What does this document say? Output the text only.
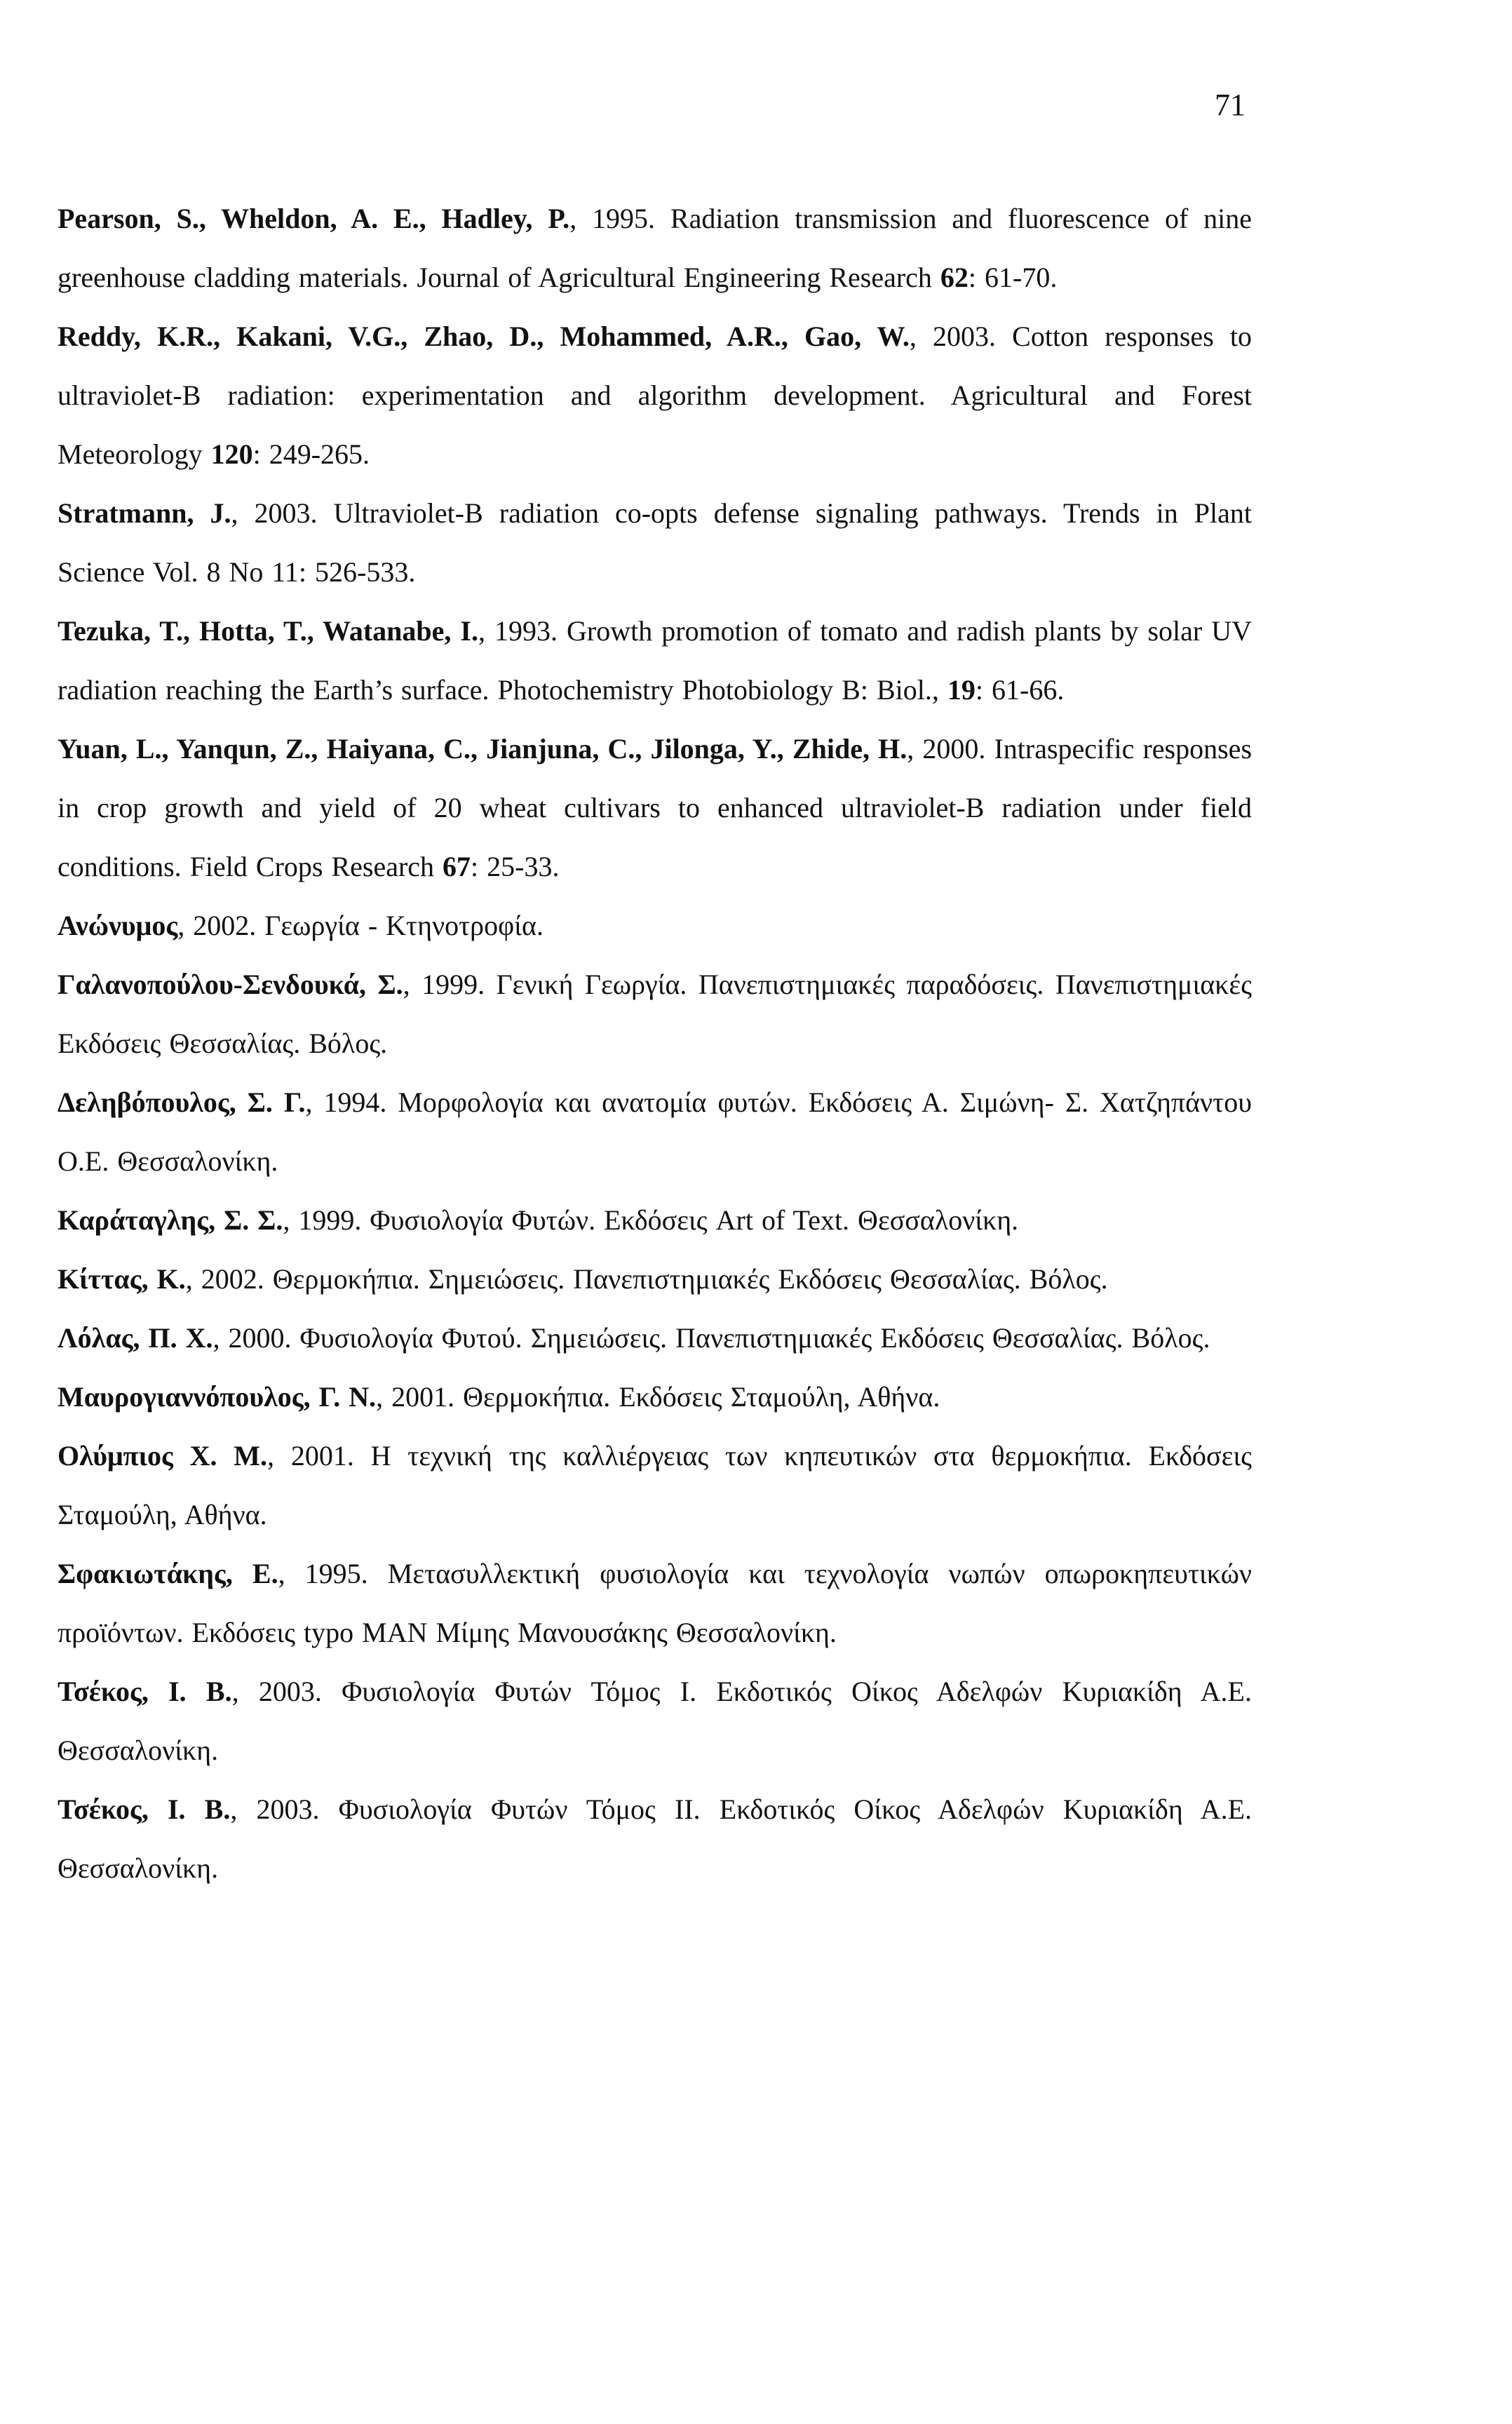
71

Pearson, S., Wheldon, A. E., Hadley, P., 1995. Radiation transmission and fluorescence of nine greenhouse cladding materials. Journal of Agricultural Engineering Research 62: 61-70.

Reddy, K.R., Kakani, V.G., Zhao, D., Mohammed, A.R., Gao, W., 2003. Cotton responses to ultraviolet-B radiation: experimentation and algorithm development. Agricultural and Forest Meteorology 120: 249-265.

Stratmann, J., 2003. Ultraviolet-B radiation co-opts defense signaling pathways. Trends in Plant Science Vol. 8 No 11: 526-533.

Tezuka, T., Hotta, T., Watanabe, I., 1993. Growth promotion of tomato and radish plants by solar UV radiation reaching the Earth’s surface. Photochemistry Photobiology B: Biol., 19: 61-66.

Yuan, L., Yanqun, Z., Haiyana, C., Jianjuna, C., Jilonga, Y., Zhide, H., 2000. Intraspecific responses in crop growth and yield of 20 wheat cultivars to enhanced ultraviolet-B radiation under field conditions. Field Crops Research 67: 25-33.

Ανώνυμος, 2002. Γεωργία - Κτηνοτροφία.

Γαλανοπούλου-Σενδουκά, Σ., 1999. Γενική Γεωργία. Πανεπιστημιακές παραδόσεις. Πανεπιστημιακές Εκδόσεις Θεσσαλίας. Βόλος.

Δεληβόπουλος, Σ. Γ., 1994. Μορφολογία και ανατομία φυτών. Εκδόσεις Α. Σιμώνη- Σ. Χατζηπάντου Ο.Ε. Θεσσαλονίκη.

Καράταγλης, Σ. Σ., 1999. Φυσιολογία Φυτών. Εκδόσεις Art of Text. Θεσσαλονίκη.

Κίττας, Κ., 2002. Θερμοκήπια. Σημειώσεις. Πανεπιστημιακές Εκδόσεις Θεσσαλίας. Βόλος.

Λόλας, Π. Χ., 2000. Φυσιολογία Φυτού. Σημειώσεις. Πανεπιστημιακές Εκδόσεις Θεσσαλίας. Βόλος.

Μαυρογιαννόπουλος, Γ. Ν., 2001. Θερμοκήπια. Εκδόσεις Σταμούλη, Αθήνα.

Ολύμπιος Χ. Μ., 2001. Η τεχνική της καλλιέργειας των κηπευτικών στα θερμοκήπια. Εκδόσεις Σταμούλη, Αθήνα.

Σφακιωτάκης, Ε., 1995. Μετασυλλεκτική φυσιολογία και τεχνολογία νωπών οπωροκηπευτικών προϊόντων. Εκδόσεις typo MAN Μίμης Μανουσάκης Θεσσαλονίκη.

Τσέκος, Ι. Β., 2003. Φυσιολογία Φυτών Τόμος Ι. Εκδοτικός Οίκος Αδελφών Κυριακίδη Α.Ε. Θεσσαλονίκη.

Τσέκος, Ι. Β., 2003. Φυσιολογία Φυτών Τόμος ΙΙ. Εκδοτικός Οίκος Αδελφών Κυριακίδη Α.Ε. Θεσσαλονίκη.
